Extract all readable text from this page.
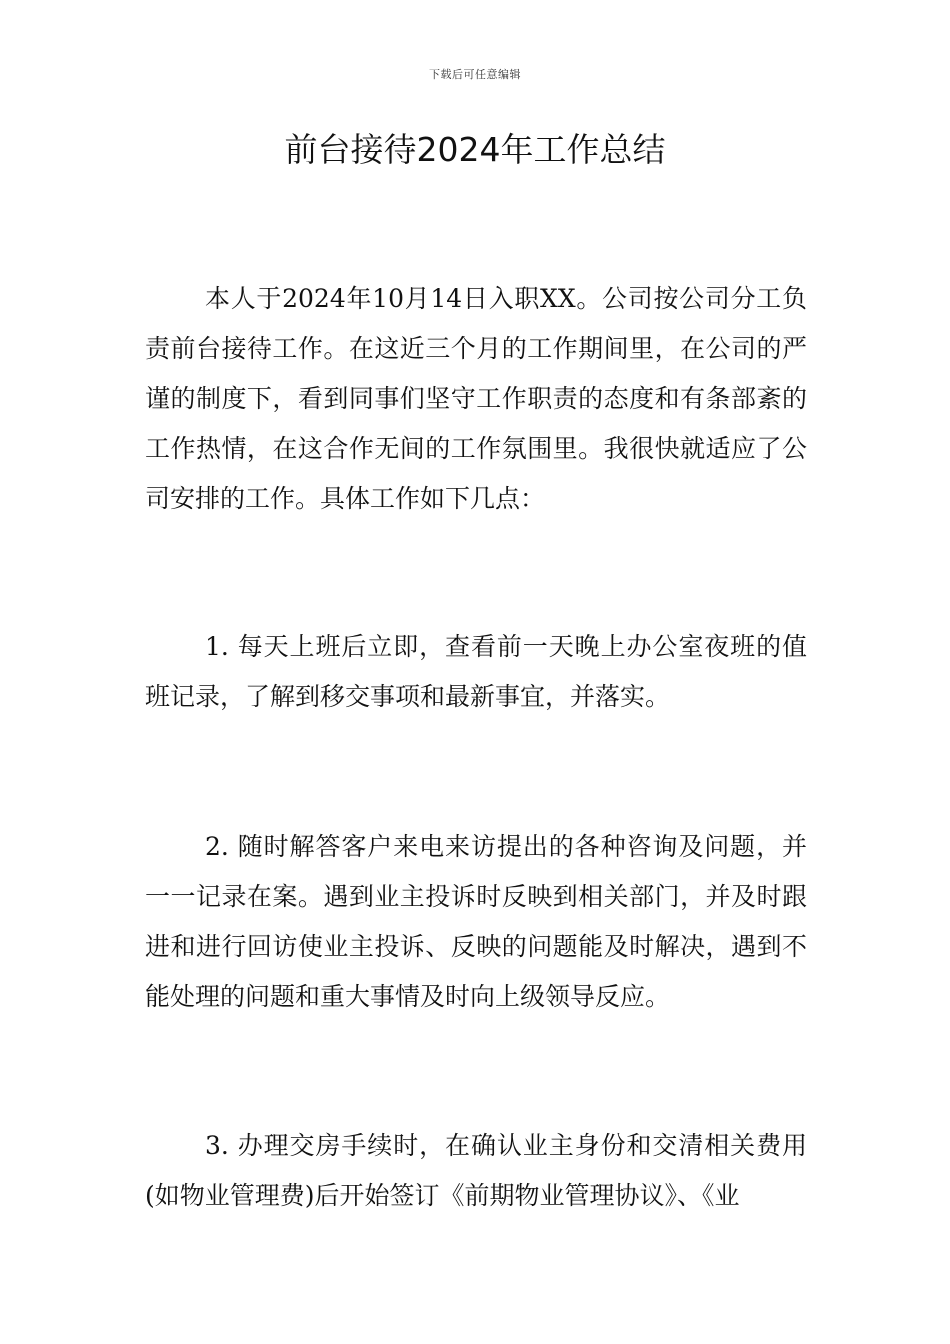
下载后可任意编辑
前台接待2024年工作总结

本人于2024年10月14日入职XX。公司按公司分工负责前台接待工作。在这近三个月的工作期间里，在公司的严谨的制度下，看到同事们坚守工作职责的态度和有条部紊的工作热情，在这合作无间的工作氛围里。我很快就适应了公司安排的工作。具体工作如下几点：

1. 每天上班后立即，查看前一天晚上办公室夜班的值班记录，了解到移交事项和最新事宜，并落实。

2. 随时解答客户来电来访提出的各种咨询及问题，并一一记录在案。遇到业主投诉时反映到相关部门，并及时跟进和进行回访使业主投诉、反映的问题能及时解决，遇到不能处理的问题和重大事情及时向上级领导反应。

3. 办理交房手续时，在确认业主身份和交清相关费用(如物业管理费)后开始签订《前期物业管理协议》、《业
